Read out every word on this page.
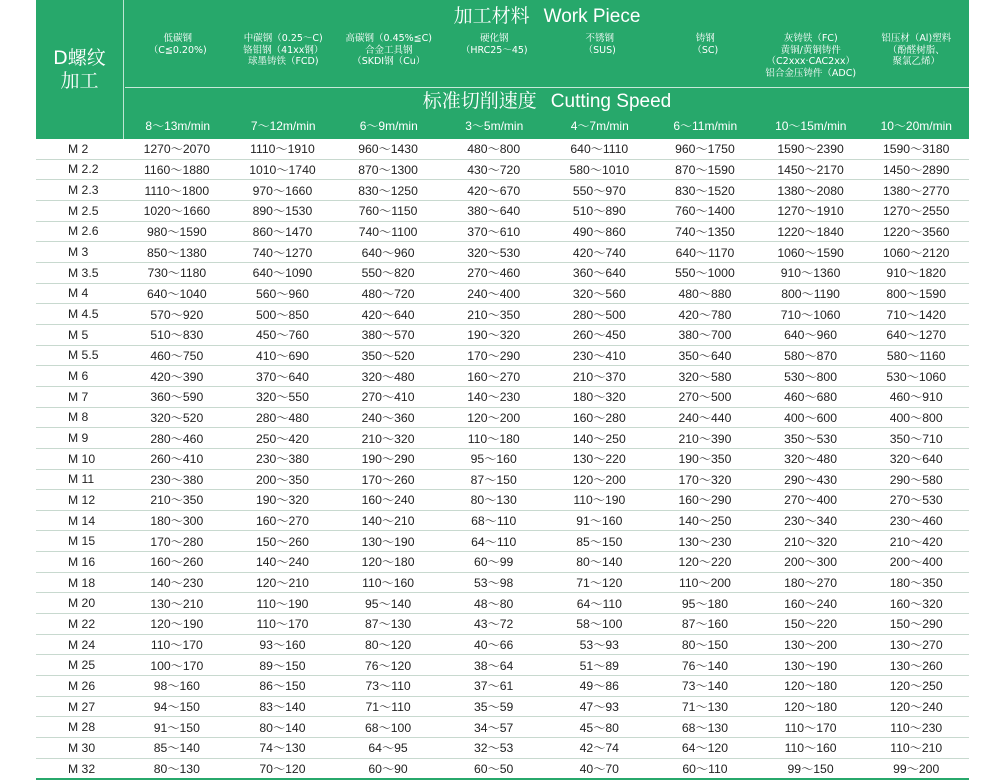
D螺纹
加工
加工材料 Work Piece
低碳钢
（C≦0.20%)
中碳钢（0.25～C)
铬钼钢（41xx钢）
球墨铸铁（FCD)
高碳钢（0.45%≦C)
合金工具钢
（SKDI钢（Cu）
硬化钢
（HRC25～45)
不锈钢
（SUS)
铸钢
（SC)
灰铸铁（FC)
黄铜/黄铜铸件
（C2xxx·CAC2xx）
铝合金压铸件（ADC)
铝压材（Al)塑料
（酚醛树脂、
聚氯乙烯）
标准切削速度 Cutting Speed
8～13m/min	7～12m/min	6～9m/min	3～5m/min	4～7m/min	6～11m/min	10～15m/min	10～20m/min
M 2	1270～2070	1110～1910	960～1430	480～800	640～1110	960～1750	1590～2390	1590～3180
M 2.2	1160～1880	1010～1740	870～1300	430～720	580～1010	870～1590	1450～2170	1450～2890
M 2.3	1110～1800	970～1660	830～1250	420～670	550～970	830～1520	1380～2080	1380～2770
M 2.5	1020～1660	890～1530	760～1150	380～640	510～890	760～1400	1270～1910	1270～2550
M 2.6	980～1590	860～1470	740～1100	370～610	490～860	740～1350	1220～1840	1220～3560
M 3	850～1380	740～1270	640～960	320～530	420～740	640～1170	1060～1590	1060～2120
M 3.5	730～1180	640～1090	550～820	270～460	360～640	550～1000	910～1360	910～1820
M 4	640～1040	560～960	480～720	240～400	320～560	480～880	800～1190	800～1590
M 4.5	570～920	500～850	420～640	210～350	280～500	420～780	710～1060	710～1420
M 5	510～830	450～760	380～570	190～320	260～450	380～700	640～960	640～1270
M 5.5	460～750	410～690	350～520	170～290	230～410	350～640	580～870	580～1160
M 6	420～390	370～640	320～480	160～270	210～370	320～580	530～800	530～1060
M 7	360～590	320～550	270～410	140～230	180～320	270～500	460～680	460～910
M 8	320～520	280～480	240～360	120～200	160～280	240～440	400～600	400～800
M 9	280～460	250～420	210～320	110～180	140～250	210～390	350～530	350～710
M 10	260～410	230～380	190～290	95～160	130～220	190～350	320～480	320～640
M 11	230～380	200～350	170～260	87～150	120～200	170～320	290～430	290～580
M 12	210～350	190～320	160～240	80～130	110～190	160～290	270～400	270～530
M 14	180～300	160～270	140～210	68～110	91～160	140～250	230～340	230～460
M 15	170～280	150～260	130～190	64～110	85～150	130～230	210～320	210～420
M 16	160～260	140～240	120～180	60～99	80～140	120～220	200～300	200～400
M 18	140～230	120～210	110～160	53～98	71～120	110～200	180～270	180～350
M 20	130～210	110～190	95～140	48～80	64～110	95～180	160～240	160～320
M 22	120～190	110～170	87～130	43～72	58～100	87～160	150～220	150～290
M 24	110～170	93～160	80～120	40～66	53～93	80～150	130～200	130～270
M 25	100～170	89～150	76～120	38～64	51～89	76～140	130～190	130～260
M 26	98～160	86～150	73～110	37～61	49～86	73～140	120～180	120～250
M 27	94～150	83～140	71～110	35～59	47～93	71～130	120～180	120～240
M 28	91～150	80～140	68～100	34～57	45～80	68～130	110～170	110～230
M 30	85～140	74～130	64～95	32～53	42～74	64～120	110～160	110～210
M 32	80～130	70～120	60～90	60～50	40～70	60～110	99～150	99～200
